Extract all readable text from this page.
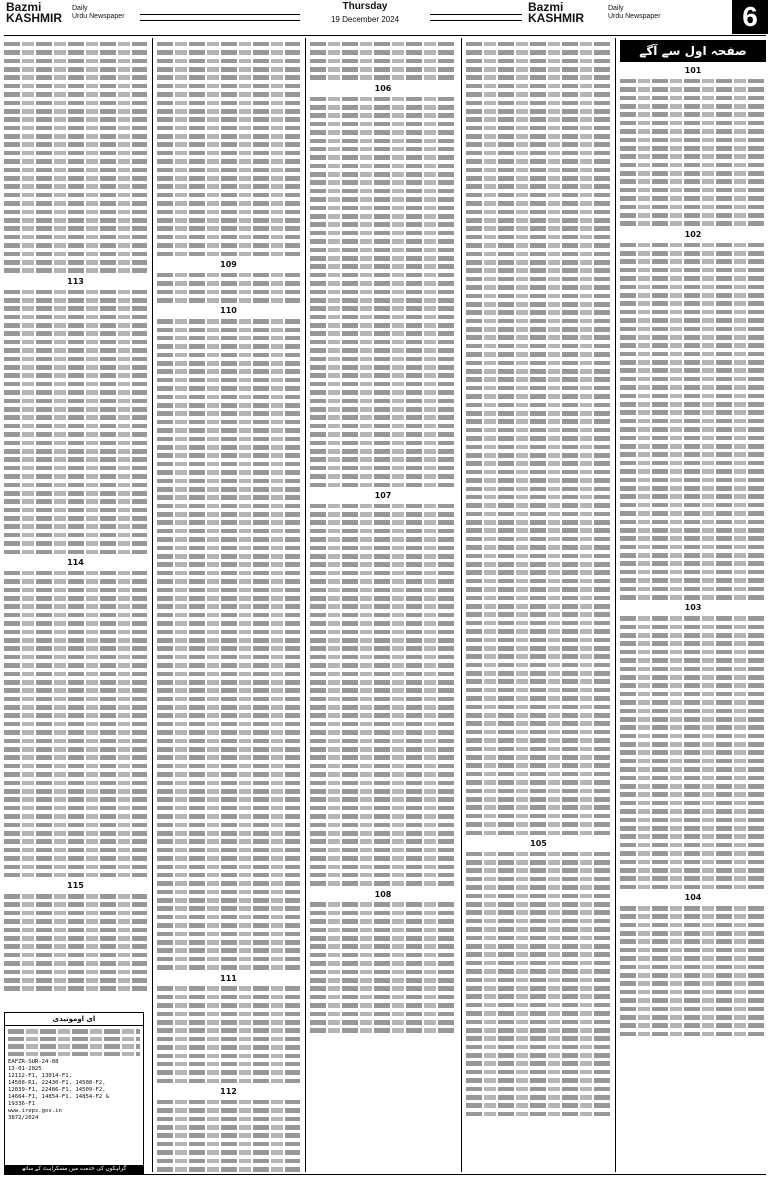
Bazmi
KASHMIR
Daily
Urdu Newspaper
Thursday
19 December 2024
Bazmi
KASHMIR
Daily
Urdu Newspaper	6
صفحہ اول سے آگے
101
102
103
104
105
106
107
108
109
110
111
112
113
114
115
ای اوموتیدی
EAFZR-SUR-24-88
13-01-2025
12112-F1, 13014-F1,
14508-R1, 22430-F1, 14508-F2,
12039-F1, 22486-F1, 14509-F2,
14664-F1, 14854-F1, 14854-F2 &
19336-F1
www.ireps.gov.in
3872/2024
گراہکوں کی خدمت میں مسکراہٹ کے ساتھ
